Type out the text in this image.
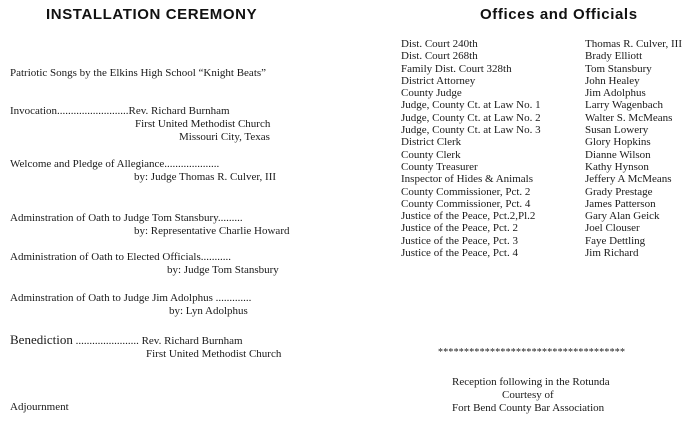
INSTALLATION CEREMONY	Offices and Officials
Patriotic Songs by the Elkins High School “Knight Beats”
Invocation..........................Rev. Richard Burnham
First United Methodist Church
Missouri City, Texas
Welcome and Pledge of Allegiance....................
by: Judge Thomas R. Culver, III
Adminstration of Oath to Judge Tom Stansbury.........
by: Representative Charlie Howard
Administration of Oath to Elected Officials...........
by: Judge Tom Stansbury
Adminstration of Oath to Judge Jim Adolphus .............
by: Lyn Adolphus
Benediction ....................... Rev. Richard Burnham
First United Methodist Church
Adjournment
Dist. Court 240th
Dist. Court 268th
Family Dist. Court 328th
District Attorney
County Judge
Judge, County Ct. at Law No. 1
Judge, County Ct. at Law No. 2
Judge, County Ct. at Law No. 3
District Clerk
County Clerk
County Treasurer
Inspector of Hides & Animals
County Commissioner, Pct. 2
County Commissioner, Pct. 4
Justice of the Peace, Pct.2,Pl.2
Justice of the Peace, Pct. 2
Justice of the Peace, Pct. 3
Justice of the Peace, Pct. 4
Thomas R. Culver, III
Brady Elliott
Tom Stansbury
John Healey
Jim Adolphus
Larry Wagenbach
Walter S. McMeans
Susan Lowery
Glory Hopkins
Dianne Wilson
Kathy Hynson
Jeffery A McMeans
Grady Prestage
James Patterson
Gary Alan Geick
Joel Clouser
Faye Dettling
Jim Richard
************************************
Reception following in the Rotunda
Courtesy of
Fort Bend County Bar Association
